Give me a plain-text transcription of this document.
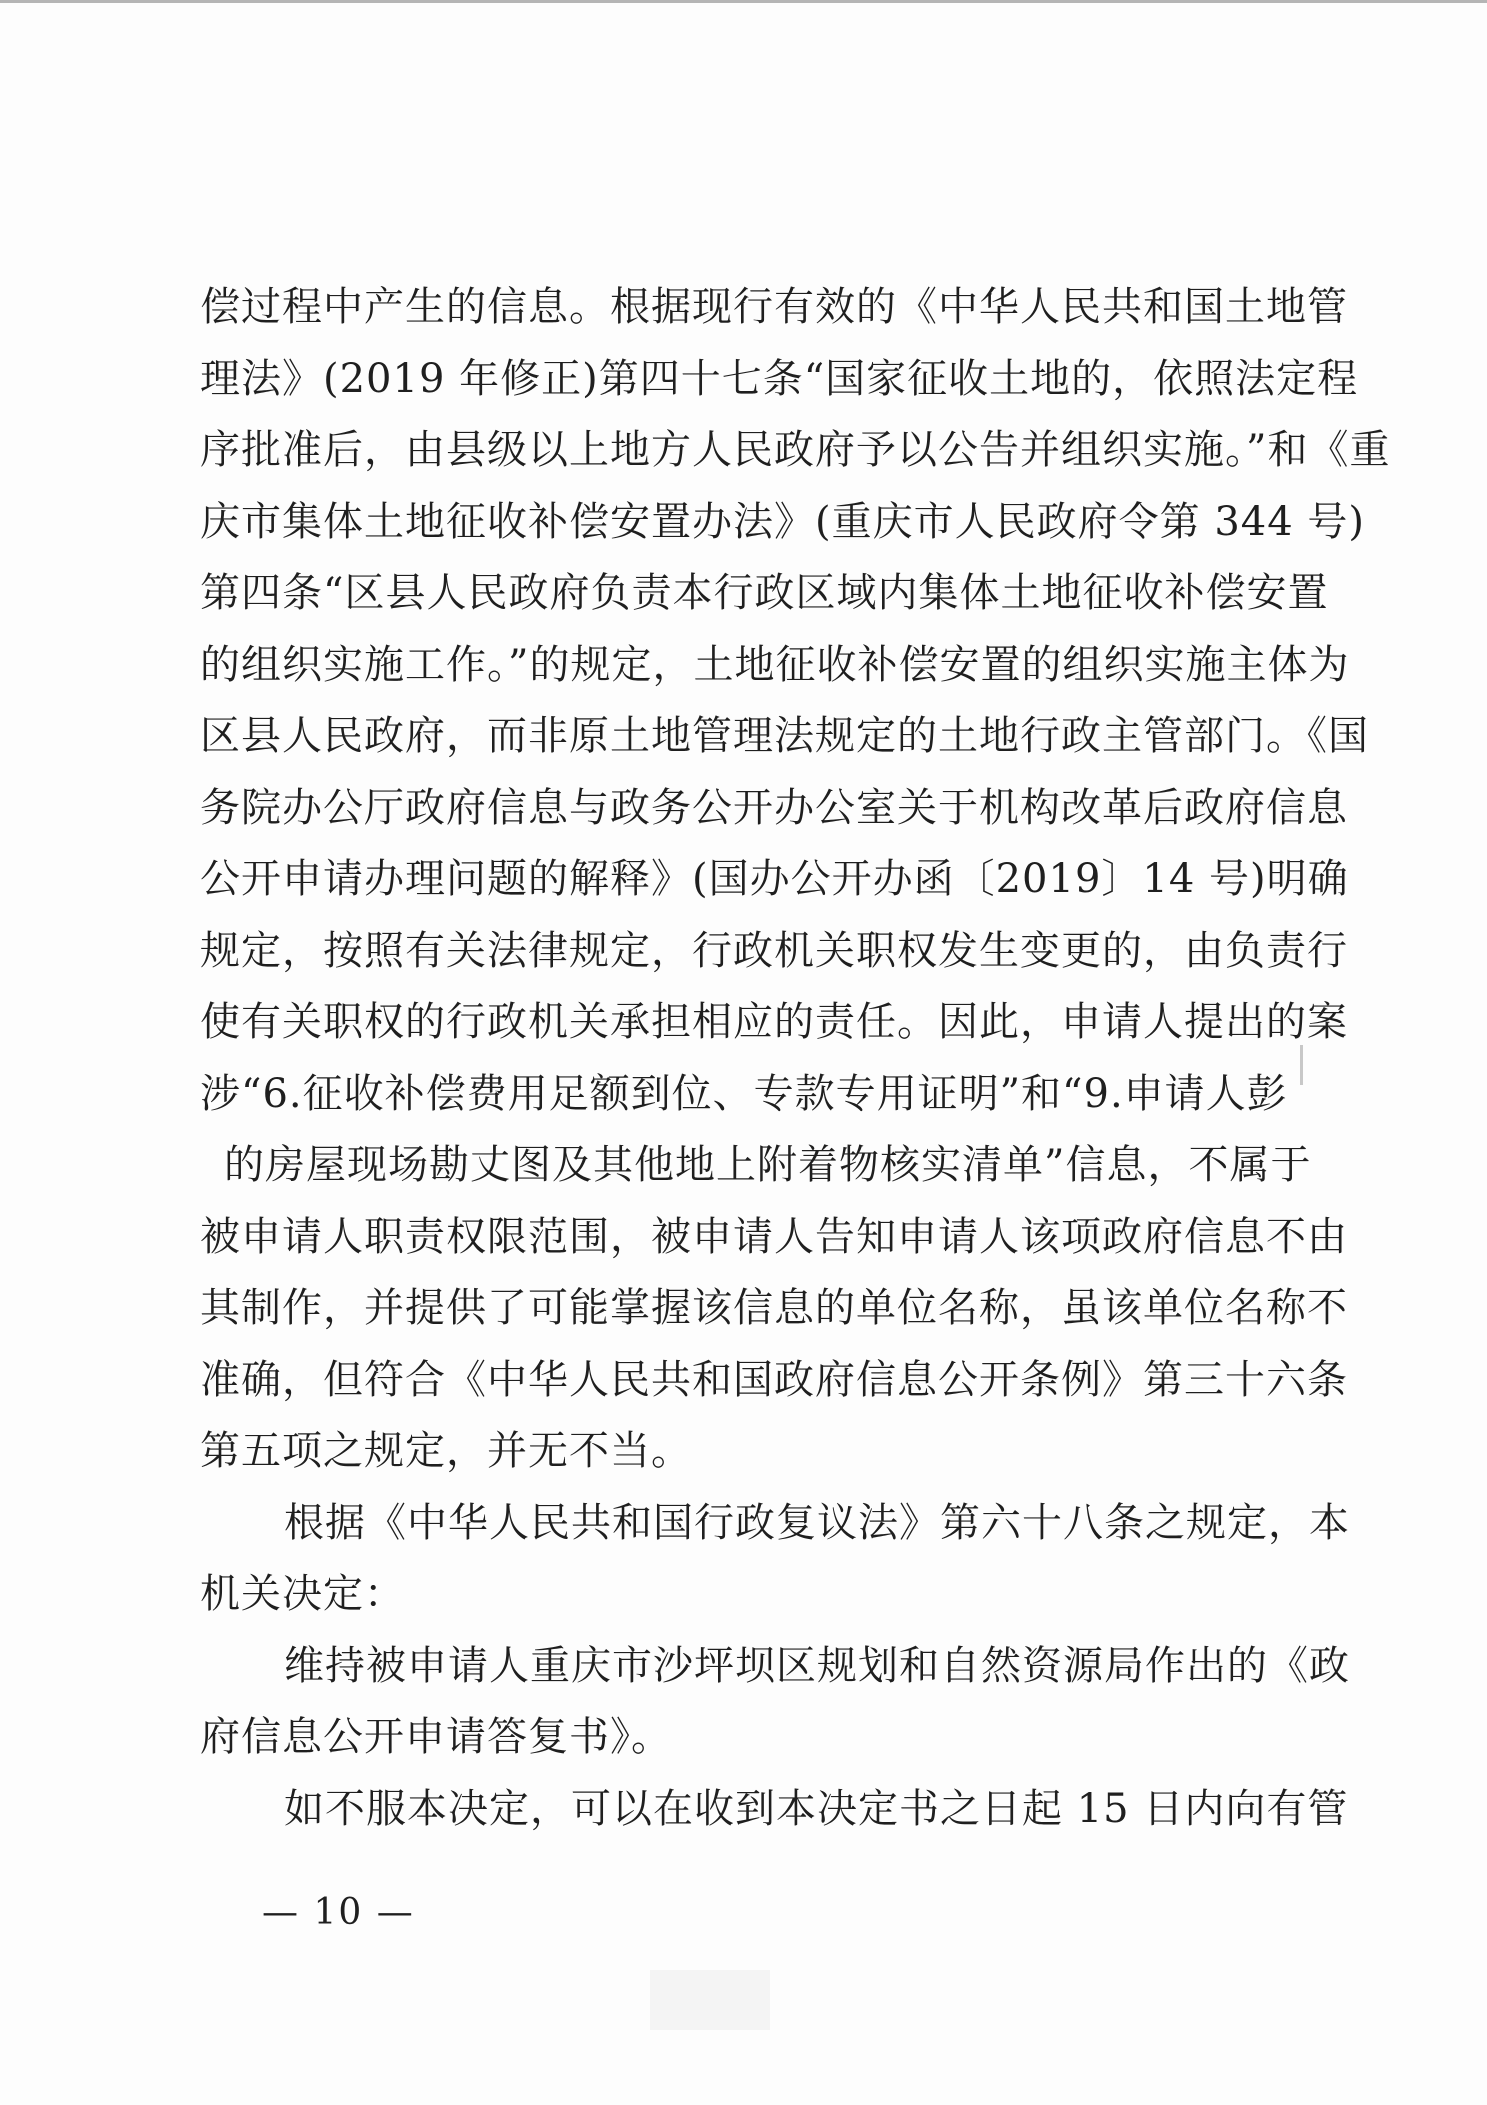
偿过程中产生的信息。根据现行有效的《中华人民共和国土地管
理法》(2019 年修正)第四十七条“国家征收土地的，依照法定程
序批准后，由县级以上地方人民政府予以公告并组织实施。”和《重
庆市集体土地征收补偿安置办法》(重庆市人民政府令第 344 号)
第四条“区县人民政府负责本行政区域内集体土地征收补偿安置
的组织实施工作。”的规定，土地征收补偿安置的组织实施主体为
区县人民政府，而非原土地管理法规定的土地行政主管部门。《国
务院办公厅政府信息与政务公开办公室关于机构改革后政府信息
公开申请办理问题的解释》(国办公开办函〔2019〕14 号)明确
规定，按照有关法律规定，行政机关职权发生变更的，由负责行
使有关职权的行政机关承担相应的责任。因此，申请人提出的案
涉“6.征收补偿费用足额到位、专款专用证明”和“9.申请人彭
的房屋现场勘丈图及其他地上附着物核实清单”信息，不属于
被申请人职责权限范围，被申请人告知申请人该项政府信息不由
其制作，并提供了可能掌握该信息的单位名称，虽该单位名称不
准确，但符合《中华人民共和国政府信息公开条例》第三十六条
第五项之规定，并无不当。
根据《中华人民共和国行政复议法》第六十八条之规定，本
机关决定：
维持被申请人重庆市沙坪坝区规划和自然资源局作出的《政
府信息公开申请答复书》。
如不服本决定，可以在收到本决定书之日起 15 日内向有管
— 10 —
